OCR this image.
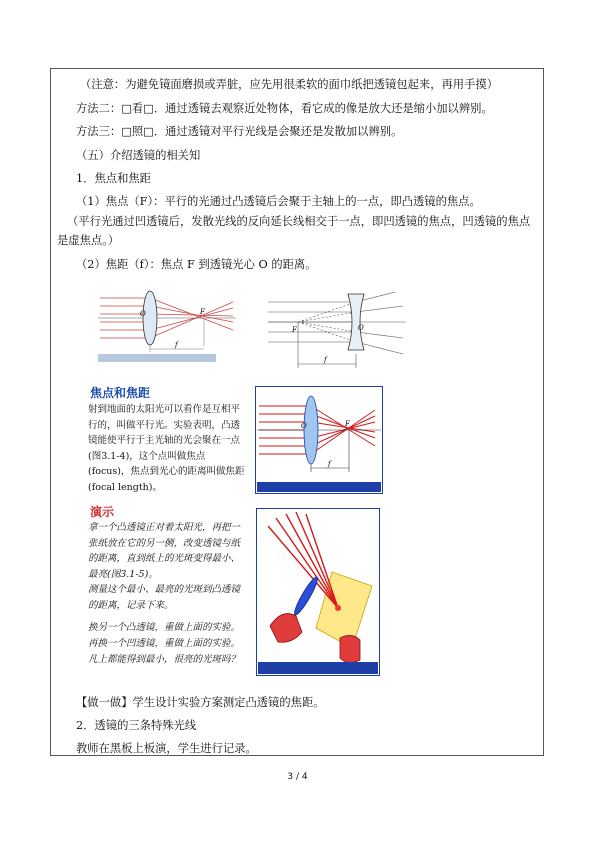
（注意：为避免镜面磨损或弄脏，应先用很柔软的面巾纸把透镜包起来，再用手摸）
方法二：□看□．通过透镜去观察近处物体，看它成的像是放大还是缩小加以辨别。
方法三：□照□．通过透镜对平行光线是会聚还是发散加以辨别。
（五）介绍透镜的相关知
1．焦点和焦距
（1）焦点（F）：平行的光通过凸透镜后会聚于主轴上的一点，即凸透镜的焦点。
（平行光通过凹透镜后，发散光线的反向延长线相交于一点，即凹透镜的焦点，凹透镜的焦点是虚焦点。）
（2）焦距（f）：焦点 F 到透镜光心 O 的距离。
O	F
f
F	O
f
焦点和焦距
射到地面的太阳光可以看作是互相平行的，叫做平行光。实验表明，凸透镜能使平行于主光轴的光会聚在一点(图3.1-4)，这个点叫做焦点(focus)，焦点到光心的距离叫做焦距(focal length)。
O	F
f
演示
拿一个凸透镜正对着太阳光，再把一张纸放在它的另一侧，改变透镜与纸的距离，直到纸上的光斑变得最小、最亮(图3.1-5)。
测量这个最小、最亮的光斑到凸透镜的距离，记录下来。
换另一个凸透镜，重做上面的实验。
再换一个凹透镜，重做上面的实验。
凡上都能得到最小，很亮的光斑吗？
【做一做】学生设计实验方案测定凸透镜的焦距。
2．透镜的三条特殊光线
教师在黑板上板演，学生进行记录。
3 / 4
